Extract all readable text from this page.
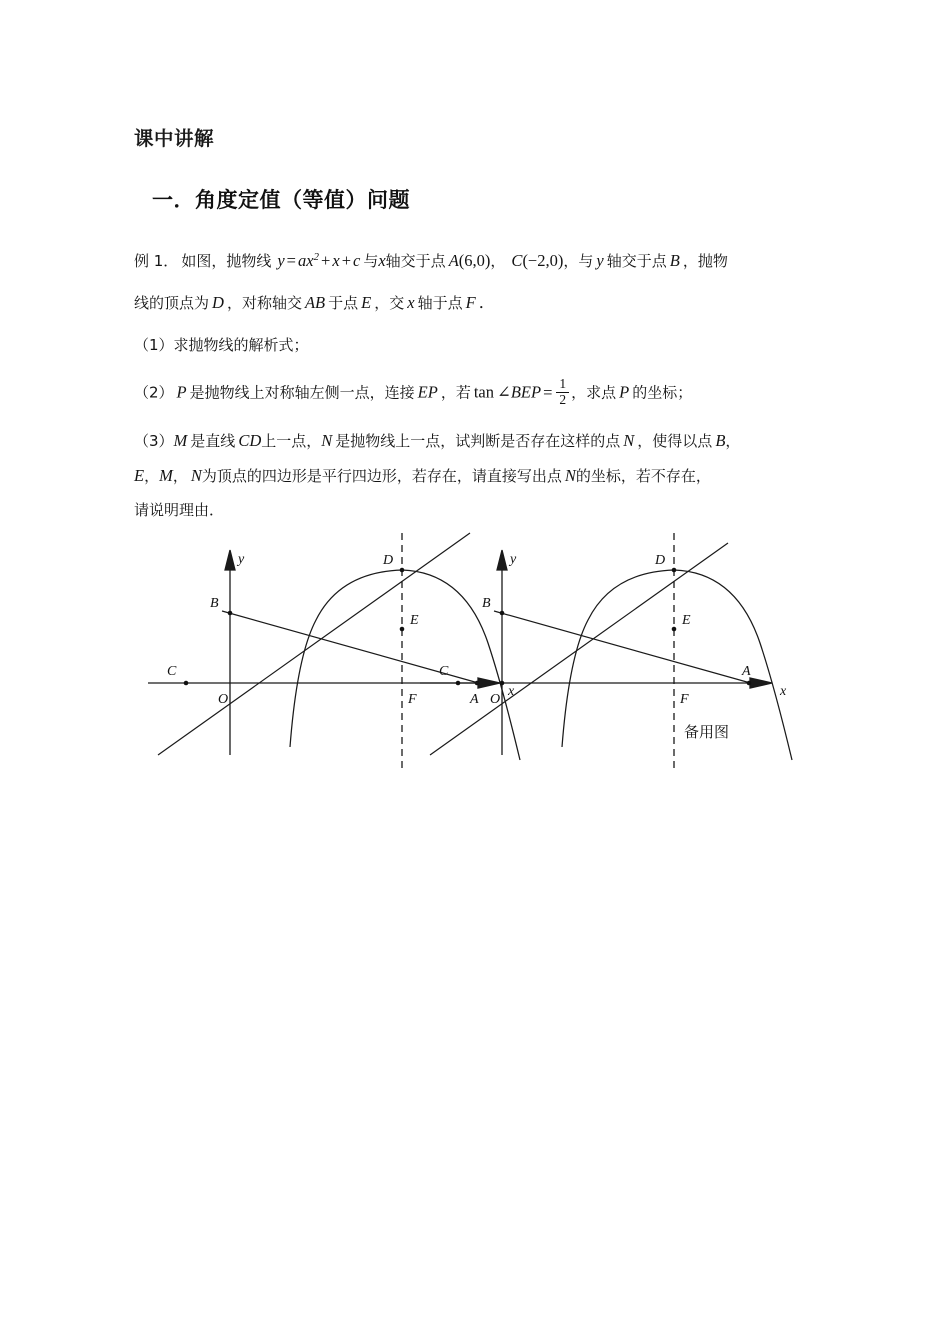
课中讲解
一．角度定值（等值）问题
例 1． 如图，抛物线 $y = ax^2 + x + c$ 与x轴交于点 A(6,0)， C(−2,0)，与 y 轴交于点 B ，抛物
线的顶点为 D ，对称轴交 AB 于点 E ，交 x 轴于点 F ．
（1）求抛物线的解析式；
（2） P 是抛物线上对称轴左侧一点，连接 EP ，若 tan ∠BEP = $\frac{1}{2}$ ，求点 P 的坐标；
（3）M 是直线 CD上一点，N 是抛物线上一点，试判断是否存在这样的点 N ，使得以点 B，
E，M， N为顶点的四边形是平行四边形，若存在，请直接写出点 N的坐标，若不存在，
请说明理由．
x
y
C
B
D
E
O	F	A
x
y
C
B
D
E
O	F
A
备用图
